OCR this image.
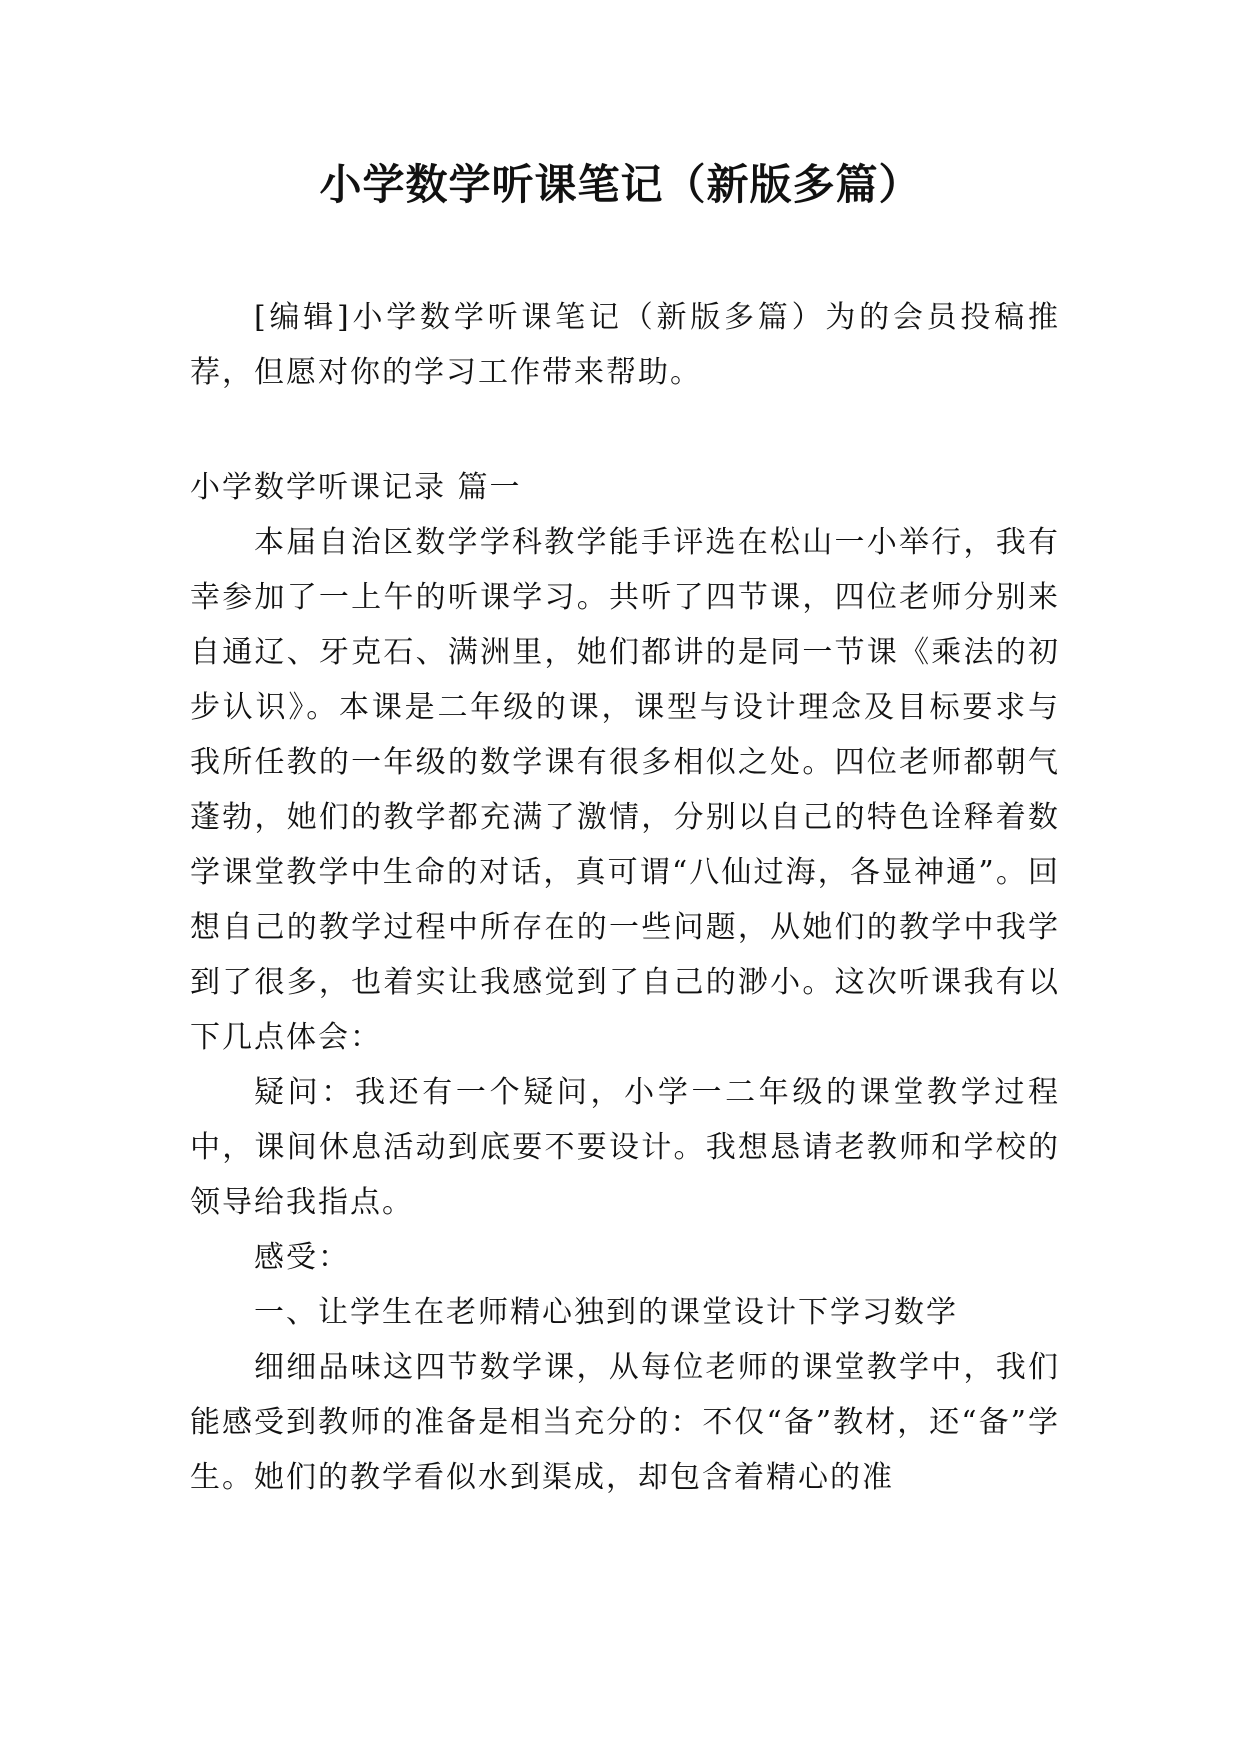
小学数学听课笔记（新版多篇）

[编辑]小学数学听课笔记（新版多篇）为的会员投稿推荐，但愿对你的学习工作带来帮助。

小学数学听课记录 篇一

本届自治区数学学科教学能手评选在松山一小举行，我有幸参加了一上午的听课学习。共听了四节课，四位老师分别来自通辽、牙克石、满洲里，她们都讲的是同一节课《乘法的初步认识》。本课是二年级的课，课型与设计理念及目标要求与我所任教的一年级的数学课有很多相似之处。四位老师都朝气蓬勃，她们的教学都充满了激情，分别以自己的特色诠释着数学课堂教学中生命的对话，真可谓“八仙过海，各显神通”。回想自己的教学过程中所存在的一些问题，从她们的教学中我学到了很多，也着实让我感觉到了自己的渺小。这次听课我有以下几点体会：

疑问：我还有一个疑问，小学一二年级的课堂教学过程中，课间休息活动到底要不要设计。我想恳请老教师和学校的领导给我指点。

感受：

一、让学生在老师精心独到的课堂设计下学习数学

细细品味这四节数学课，从每位老师的课堂教学中，我们能感受到教师的准备是相当充分的：不仅“备”教材，还“备”学生。她们的教学看似水到渠成，却包含着精心的准
